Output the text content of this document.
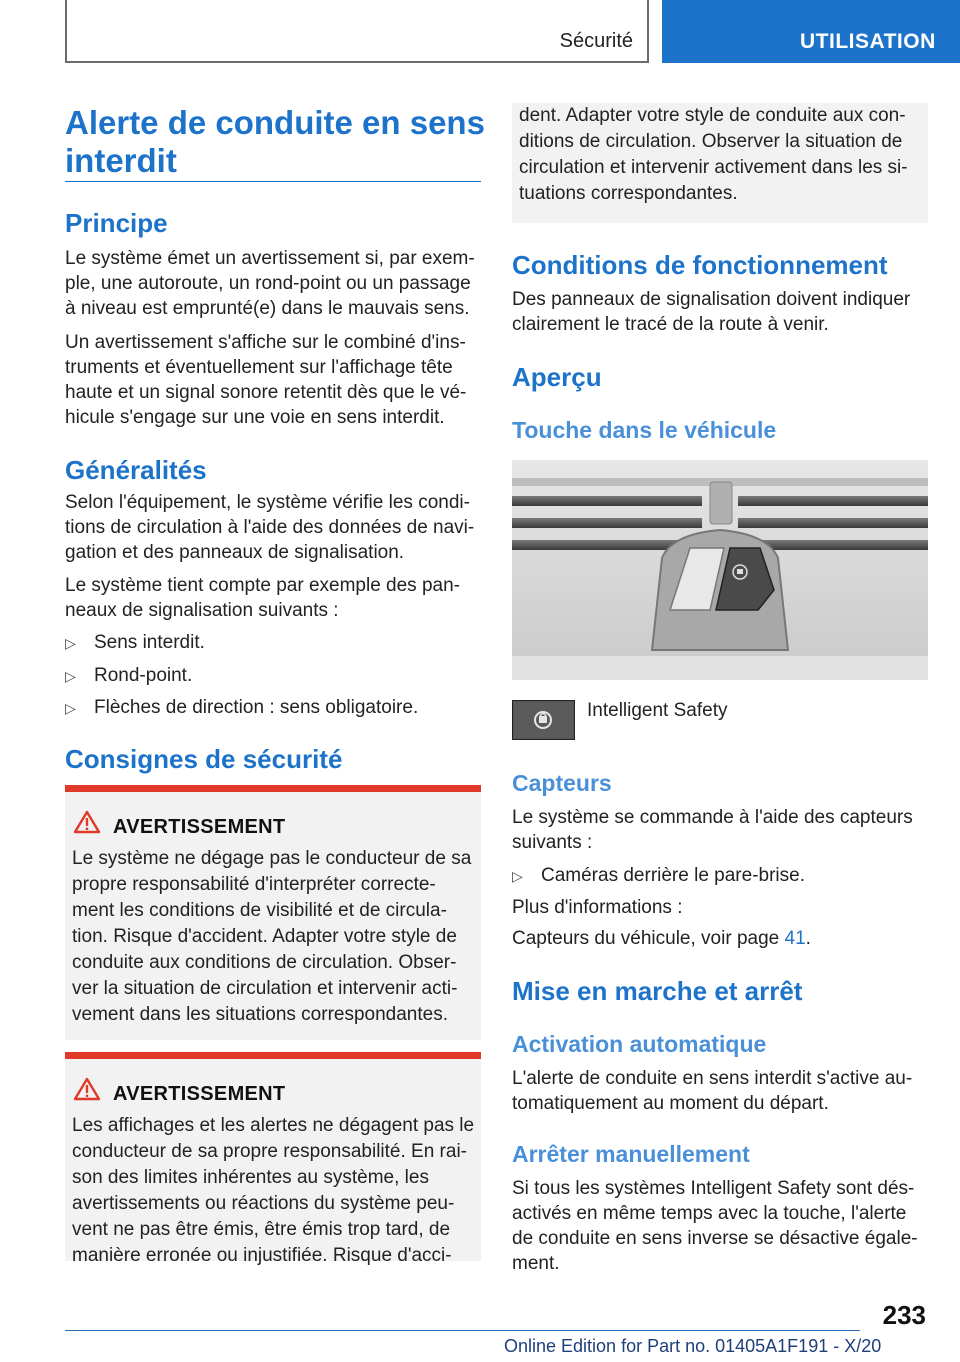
Sécurité	UTILISATION
Alerte de conduite en sens
interdit
Principe
Le système émet un avertissement si, par exem‐
ple, une autoroute, un rond-point ou un passage
à niveau est emprunté(e) dans le mauvais sens.
Un avertissement s'affiche sur le combiné d'ins‐
truments et éventuellement sur l'affichage tête
haute et un signal sonore retentit dès que le vé‐
hicule s'engage sur une voie en sens interdit.
Généralités
Selon l'équipement, le système vérifie les condi‐
tions de circulation à l'aide des données de navi‐
gation et des panneaux de signalisation.
Le système tient compte par exemple des pan‐
neaux de signalisation suivants :
▷ Sens interdit.
▷ Rond-point.
▷ Flèches de direction : sens obligatoire.
Consignes de sécurité
AVERTISSEMENT
Le système ne dégage pas le conducteur de sa
propre responsabilité d'interpréter correcte‐
ment les conditions de visibilité et de circula‐
tion. Risque d'accident. Adapter votre style de
conduite aux conditions de circulation. Obser‐
ver la situation de circulation et intervenir acti‐
vement dans les situations correspondantes.
AVERTISSEMENT
Les affichages et les alertes ne dégagent pas le
conducteur de sa propre responsabilité. En rai‐
son des limites inhérentes au système, les
avertissements ou réactions du système peu‐
vent ne pas être émis, être émis trop tard, de
manière erronée ou injustifiée. Risque d'acci‐
dent. Adapter votre style de conduite aux con‐
ditions de circulation. Observer la situation de
circulation et intervenir activement dans les si‐
tuations correspondantes.
Conditions de fonctionnement
Des panneaux de signalisation doivent indiquer
clairement le tracé de la route à venir.
Aperçu
Touche dans le véhicule
Intelligent Safety
Capteurs
Le système se commande à l'aide des capteurs
suivants :
▷ Caméras derrière le pare-brise.
Plus d'informations :
Capteurs du véhicule, voir page 41.
Mise en marche et arrêt
Activation automatique
L'alerte de conduite en sens interdit s'active au‐
tomatiquement au moment du départ.
Arrêter manuellement
Si tous les systèmes Intelligent Safety sont dés‐
activés en même temps avec la touche, l'alerte
de conduite en sens inverse se désactive égale‐
ment.
233
Online Edition for Part no. 01405A1F191 - X/20
